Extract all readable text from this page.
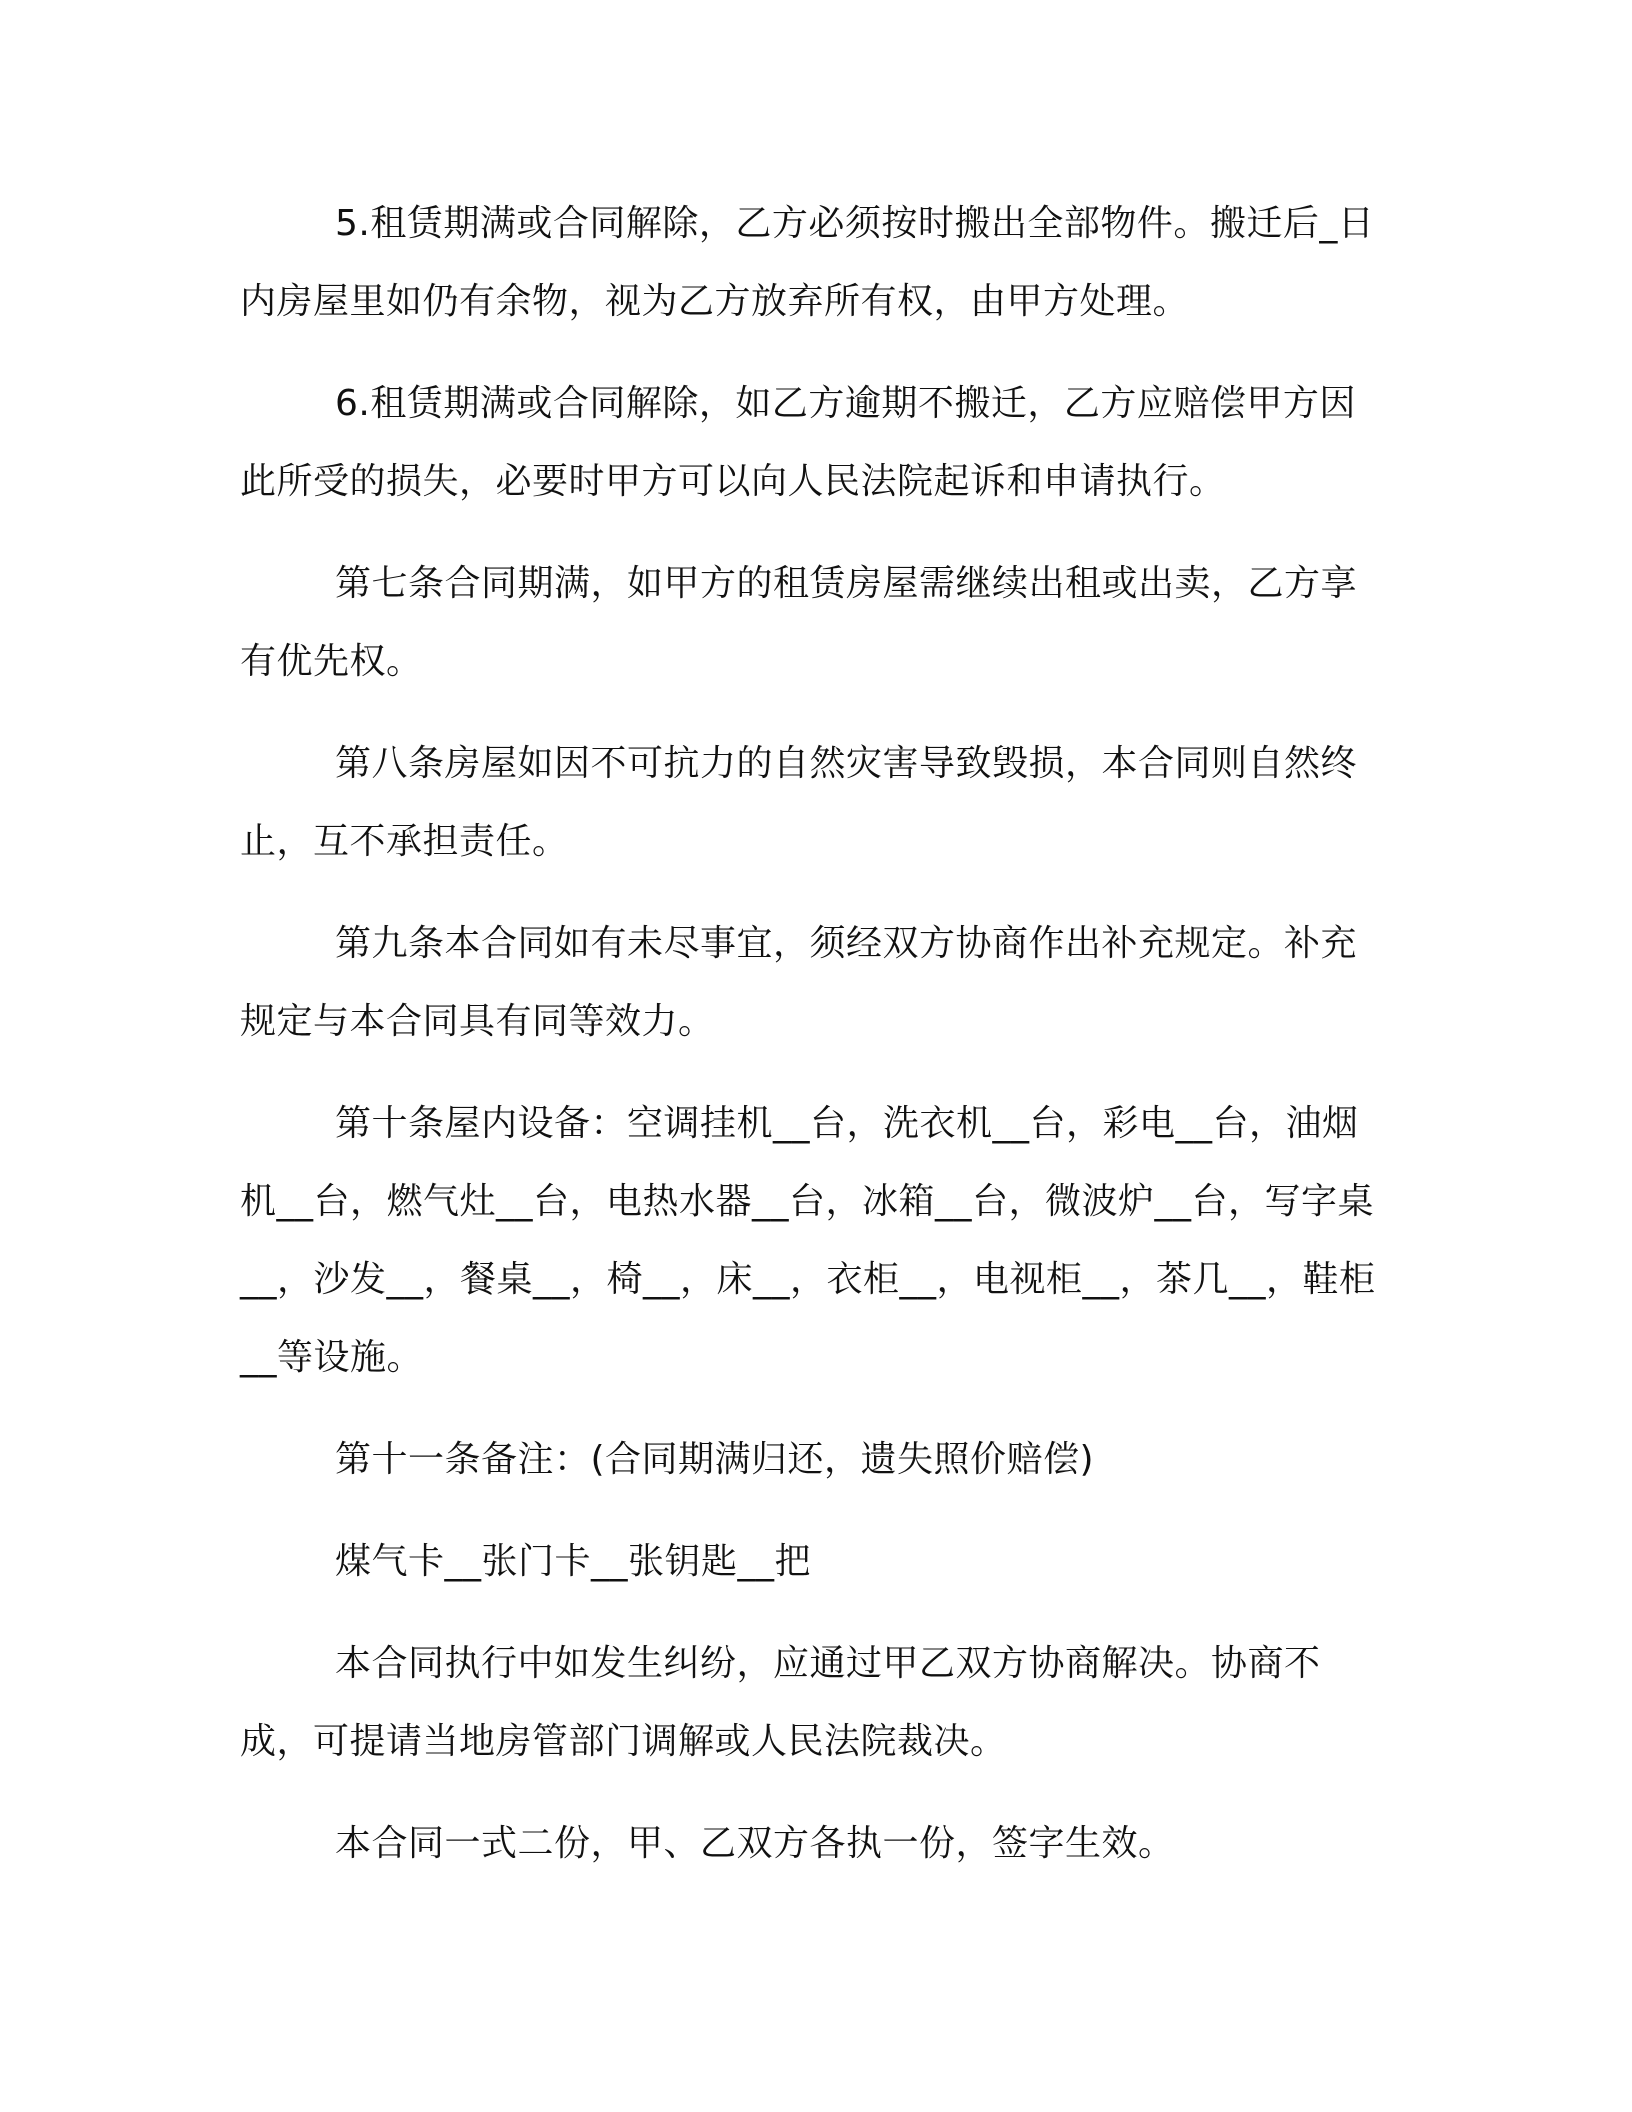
5.租赁期满或合同解除，乙方必须按时搬出全部物件。搬迁后_日内房屋里如仍有余物，视为乙方放弃所有权，由甲方处理。

6.租赁期满或合同解除，如乙方逾期不搬迁，乙方应赔偿甲方因此所受的损失，必要时甲方可以向人民法院起诉和申请执行。

第七条合同期满，如甲方的租赁房屋需继续出租或出卖，乙方享有优先权。

第八条房屋如因不可抗力的自然灾害导致毁损，本合同则自然终止，互不承担责任。

第九条本合同如有未尽事宜，须经双方协商作出补充规定。补充规定与本合同具有同等效力。

第十条屋内设备：空调挂机__台，洗衣机__台，彩电__台，油烟机__台，燃气灶__台，电热水器__台，冰箱__台，微波炉__台，写字桌__，沙发__，餐桌__，椅__，床__，衣柜__，电视柜__，茶几__，鞋柜__等设施。

第十一条备注：(合同期满归还，遗失照价赔偿)

煤气卡__张门卡__张钥匙__把

本合同执行中如发生纠纷，应通过甲乙双方协商解决。协商不成，可提请当地房管部门调解或人民法院裁决。

本合同一式二份，甲、乙双方各执一份，签字生效。
